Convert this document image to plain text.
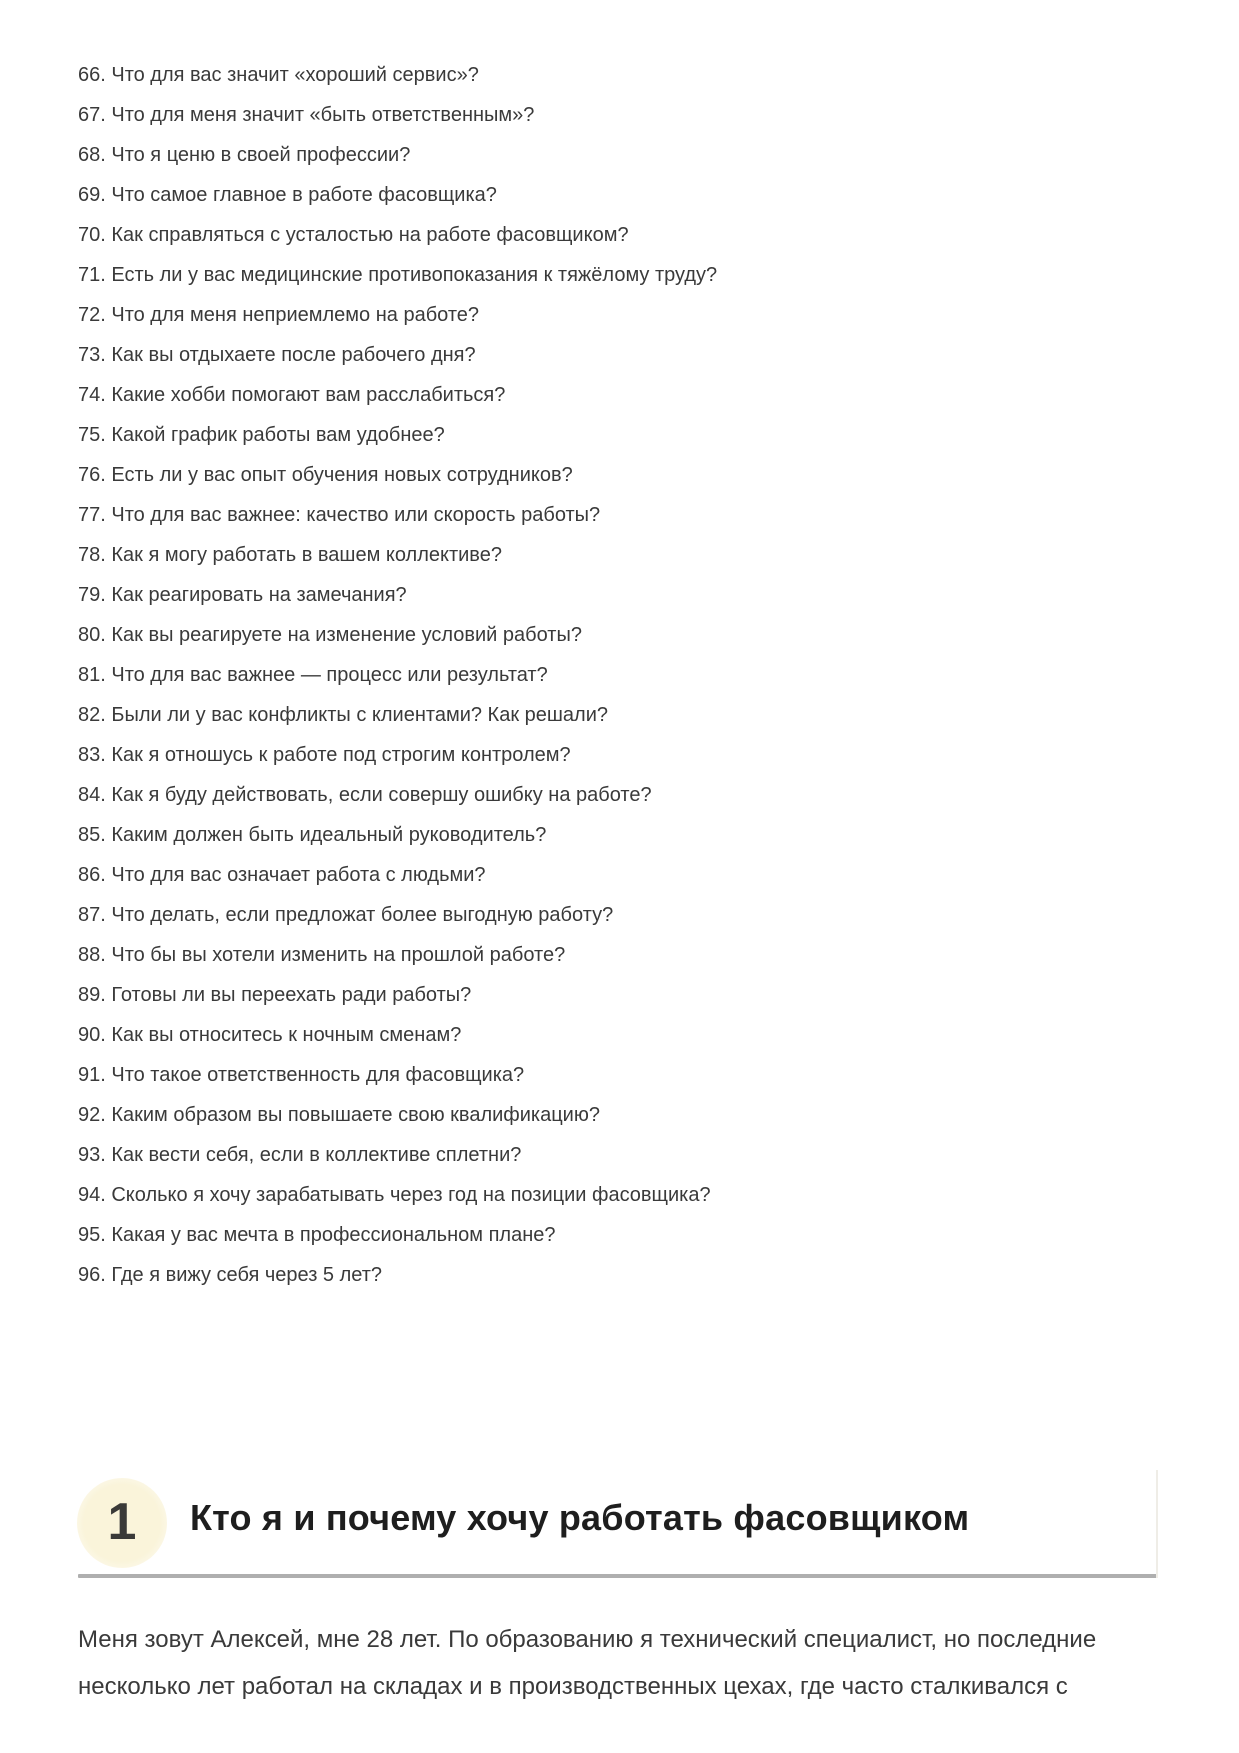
66. Что для вас значит «хороший сервис»?
67. Что для меня значит «быть ответственным»?
68. Что я ценю в своей профессии?
69. Что самое главное в работе фасовщика?
70. Как справляться с усталостью на работе фасовщиком?
71. Есть ли у вас медицинские противопоказания к тяжёлому труду?
72. Что для меня неприемлемо на работе?
73. Как вы отдыхаете после рабочего дня?
74. Какие хобби помогают вам расслабиться?
75. Какой график работы вам удобнее?
76. Есть ли у вас опыт обучения новых сотрудников?
77. Что для вас важнее: качество или скорость работы?
78. Как я могу работать в вашем коллективе?
79. Как реагировать на замечания?
80. Как вы реагируете на изменение условий работы?
81. Что для вас важнее — процесс или результат?
82. Были ли у вас конфликты с клиентами? Как решали?
83. Как я отношусь к работе под строгим контролем?
84. Как я буду действовать, если совершу ошибку на работе?
85. Каким должен быть идеальный руководитель?
86. Что для вас означает работа с людьми?
87. Что делать, если предложат более выгодную работу?
88. Что бы вы хотели изменить на прошлой работе?
89. Готовы ли вы переехать ради работы?
90. Как вы относитесь к ночным сменам?
91. Что такое ответственность для фасовщика?
92. Каким образом вы повышаете свою квалификацию?
93. Как вести себя, если в коллективе сплетни?
94. Сколько я хочу зарабатывать через год на позиции фасовщика?
95. Какая у вас мечта в профессиональном плане?
96. Где я вижу себя через 5 лет?
1 Кто я и почему хочу работать фасовщиком
Меня зовут Алексей, мне 28 лет. По образованию я технический специалист, но последние
несколько лет работал на складах и в производственных цехах, где часто сталкивался с
